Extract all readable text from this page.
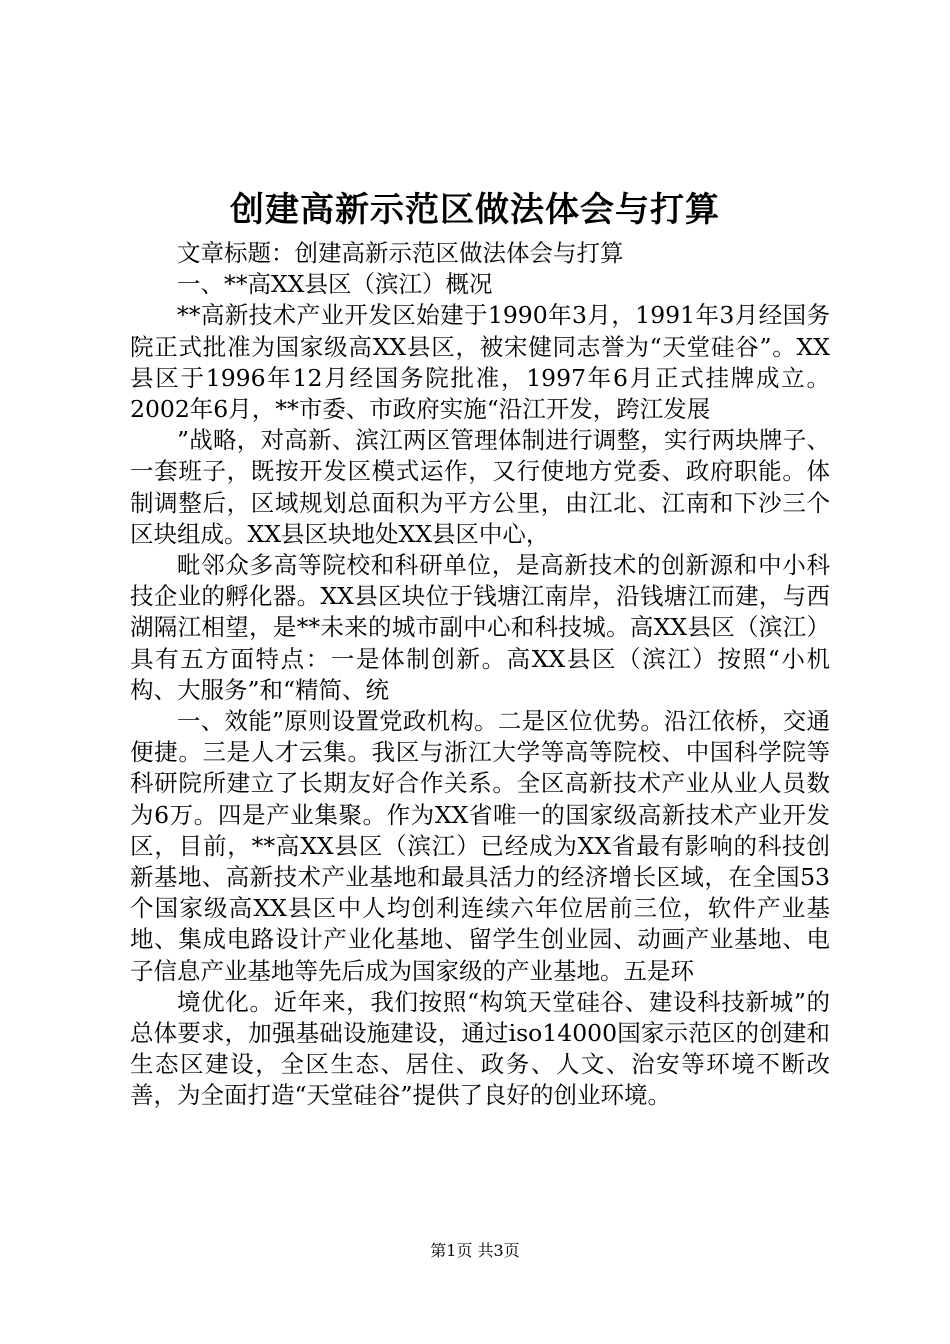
创建高新示范区做法体会与打算

文章标题：创建高新示范区做法体会与打算

一、**高XX县区（滨江）概况

**高新技术产业开发区始建于1990年3月，1991年3月经国务院正式批准为国家级高XX县区，被宋健同志誉为“天堂硅谷”。XX县区于1996年12月经国务院批准，1997年6月正式挂牌成立。2002年6月，**市委、市政府实施“沿江开发，跨江发展

”战略，对高新、滨江两区管理体制进行调整，实行两块牌子、一套班子，既按开发区模式运作，又行使地方党委、政府职能。体制调整后，区域规划总面积为平方公里，由江北、江南和下沙三个区块组成。XX县区块地处XX县区中心，

毗邻众多高等院校和科研单位，是高新技术的创新源和中小科技企业的孵化器。XX县区块位于钱塘江南岸，沿钱塘江而建，与西湖隔江相望，是**未来的城市副中心和科技城。高XX县区（滨江）具有五方面特点：一是体制创新。高XX县区（滨江）按照“小机构、大服务”和“精简、统

一、效能”原则设置党政机构。二是区位优势。沿江依桥，交通便捷。三是人才云集。我区与浙江大学等高等院校、中国科学院等科研院所建立了长期友好合作关系。全区高新技术产业从业人员数为6万。四是产业集聚。作为XX省唯一的国家级高新技术产业开发区，目前，**高XX县区（滨江）已经成为XX省最有影响的科技创新基地、高新技术产业基地和最具活力的经济增长区域，在全国53个国家级高XX县区中人均创利连续六年位居前三位，软件产业基地、集成电路设计产业化基地、留学生创业园、动画产业基地、电子信息产业基地等先后成为国家级的产业基地。五是环

境优化。近年来，我们按照“构筑天堂硅谷、建设科技新城”的总体要求，加强基础设施建设，通过iso14000国家示范区的创建和生态区建设，全区生态、居住、政务、人文、治安等环境不断改善，为全面打造“天堂硅谷”提供了良好的创业环境。

第1页 共3页
